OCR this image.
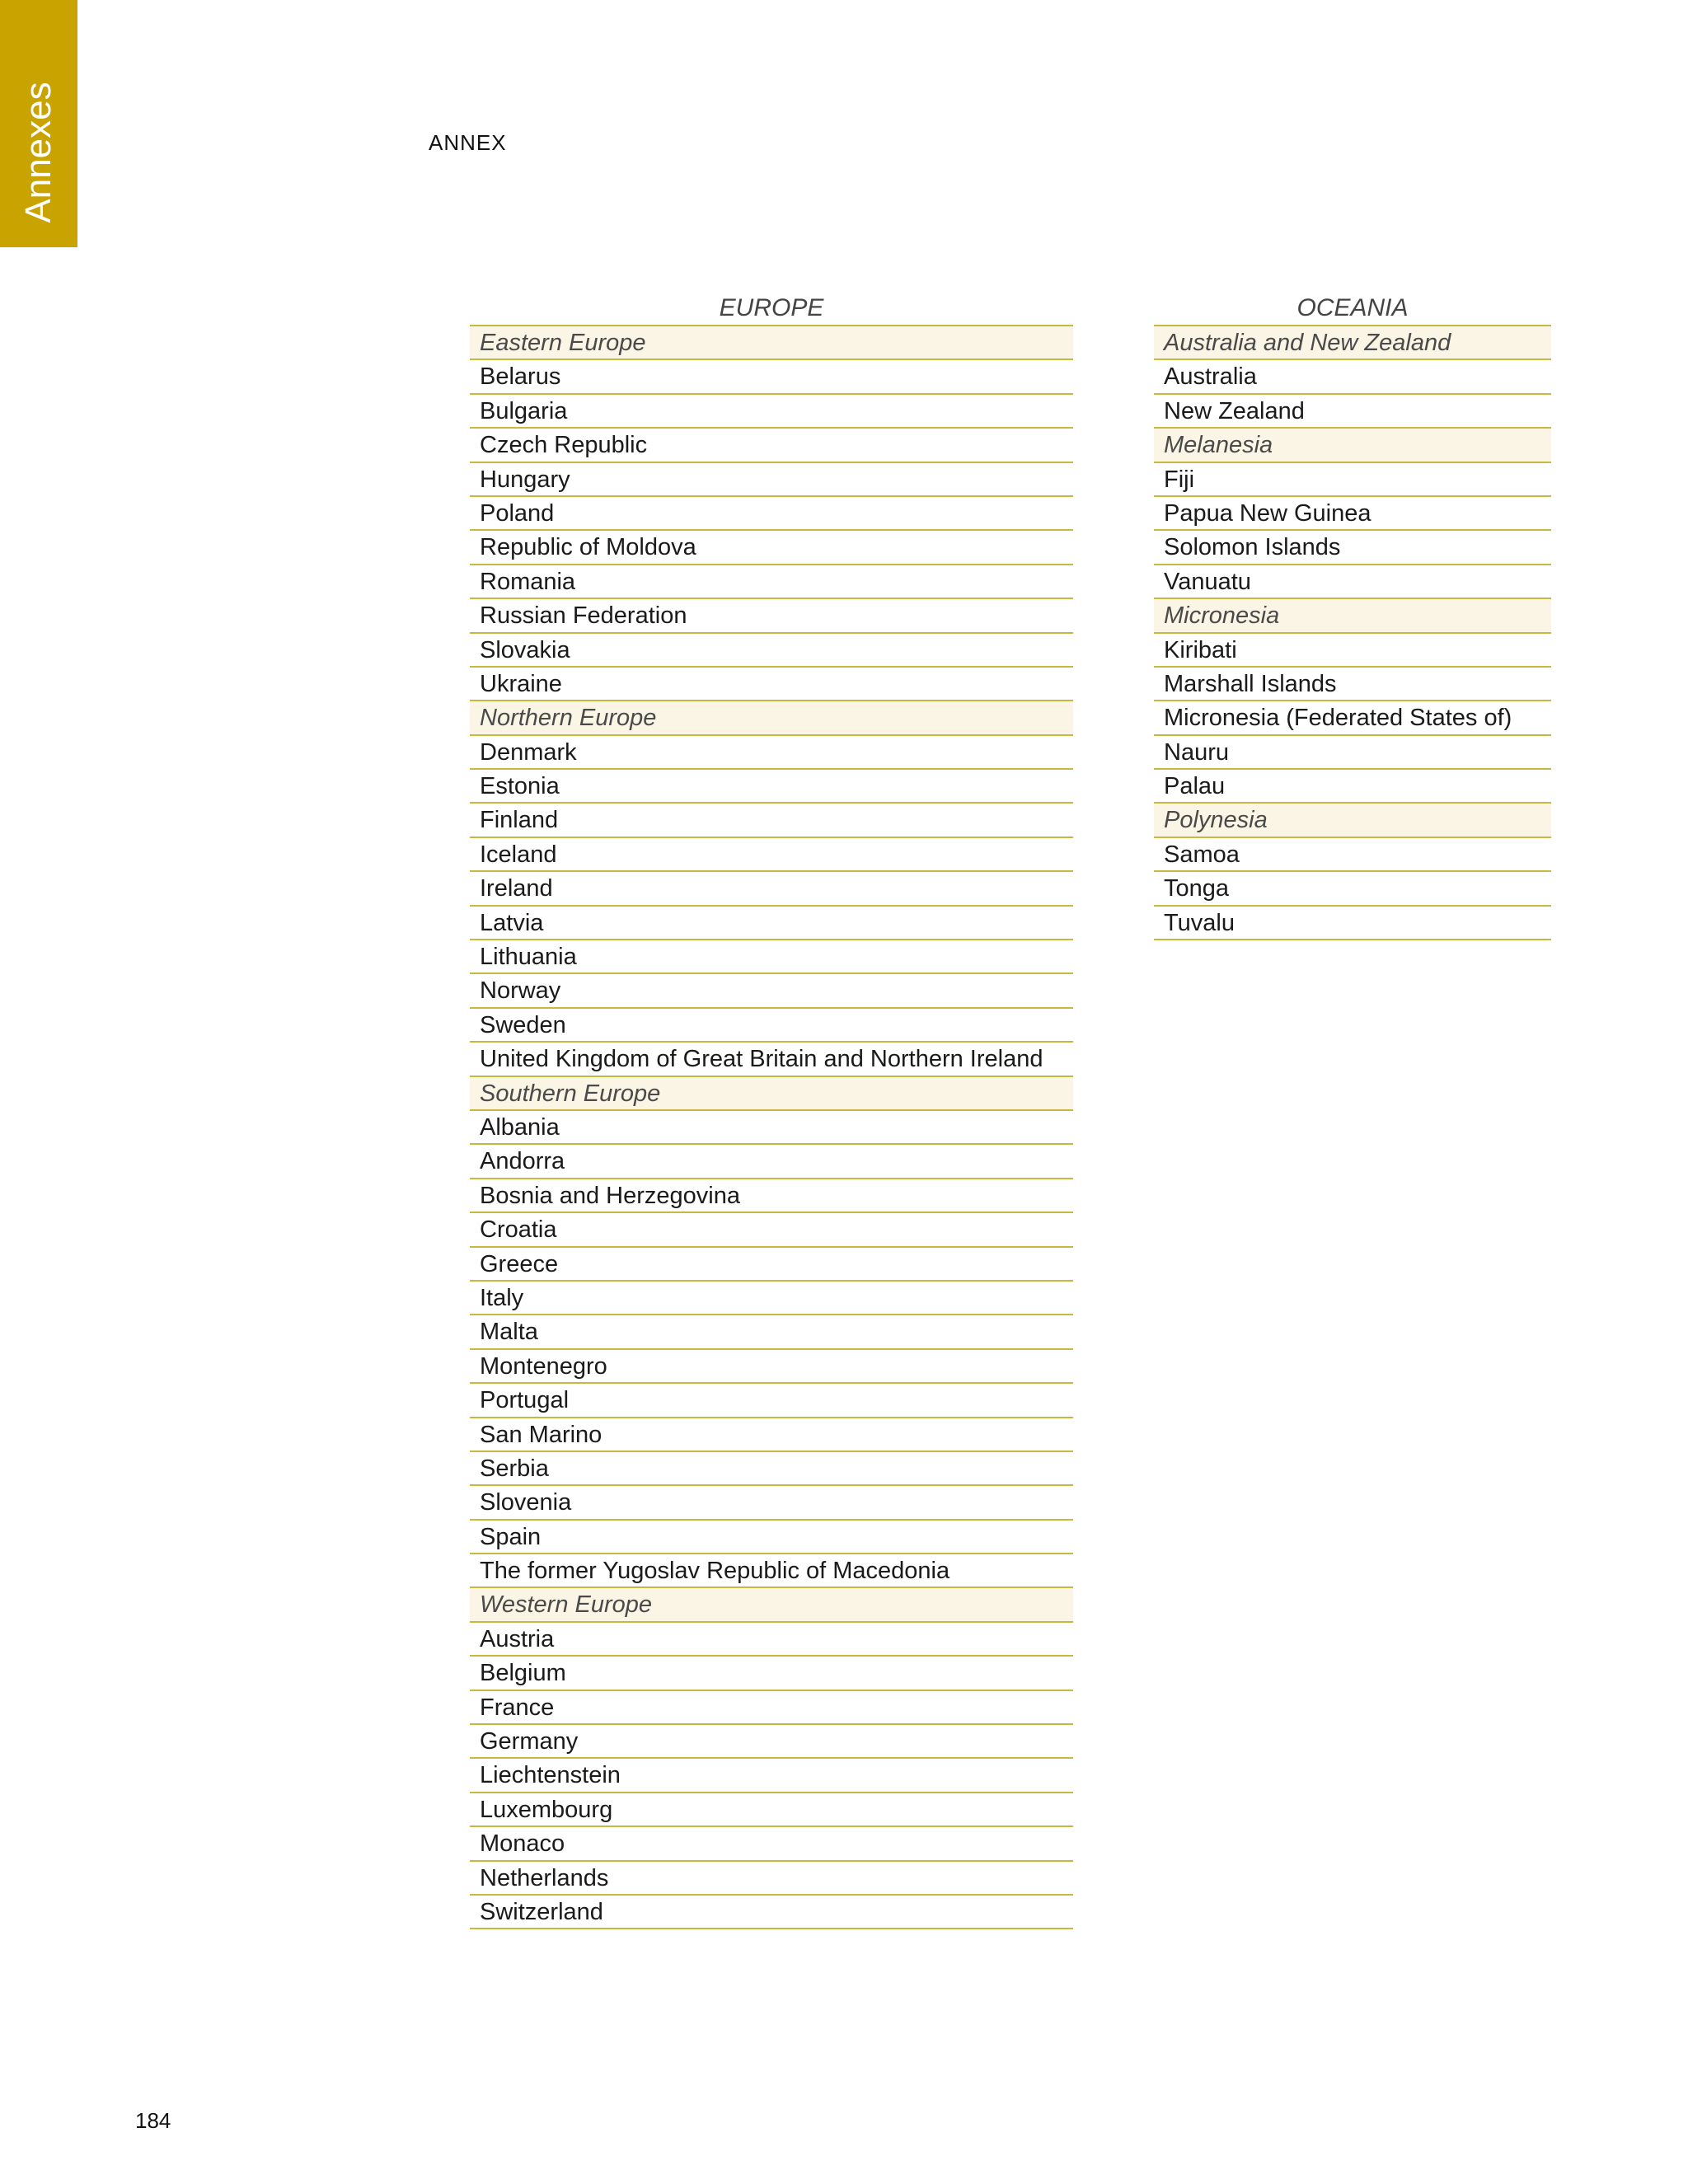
Annexes	ANNEX
EUROPE
Eastern Europe
Belarus
Bulgaria
Czech Republic
Hungary
Poland
Republic of Moldova
Romania
Russian Federation
Slovakia
Ukraine
Northern Europe
Denmark
Estonia
Finland
Iceland
Ireland
Latvia
Lithuania
Norway
Sweden
United Kingdom of Great Britain and Northern Ireland
Southern Europe
Albania
Andorra
Bosnia and Herzegovina
Croatia
Greece
Italy
Malta
Montenegro
Portugal
San Marino
Serbia
Slovenia
Spain
The former Yugoslav Republic of Macedonia
Western Europe
Austria
Belgium
France
Germany
Liechtenstein
Luxembourg
Monaco
Netherlands
Switzerland
OCEANIA
Australia and New Zealand
Australia
New Zealand
Melanesia
Fiji
Papua New Guinea
Solomon Islands
Vanuatu
Micronesia
Kiribati
Marshall Islands
Micronesia (Federated States of)
Nauru
Palau
Polynesia
Samoa
Tonga
Tuvalu
184
